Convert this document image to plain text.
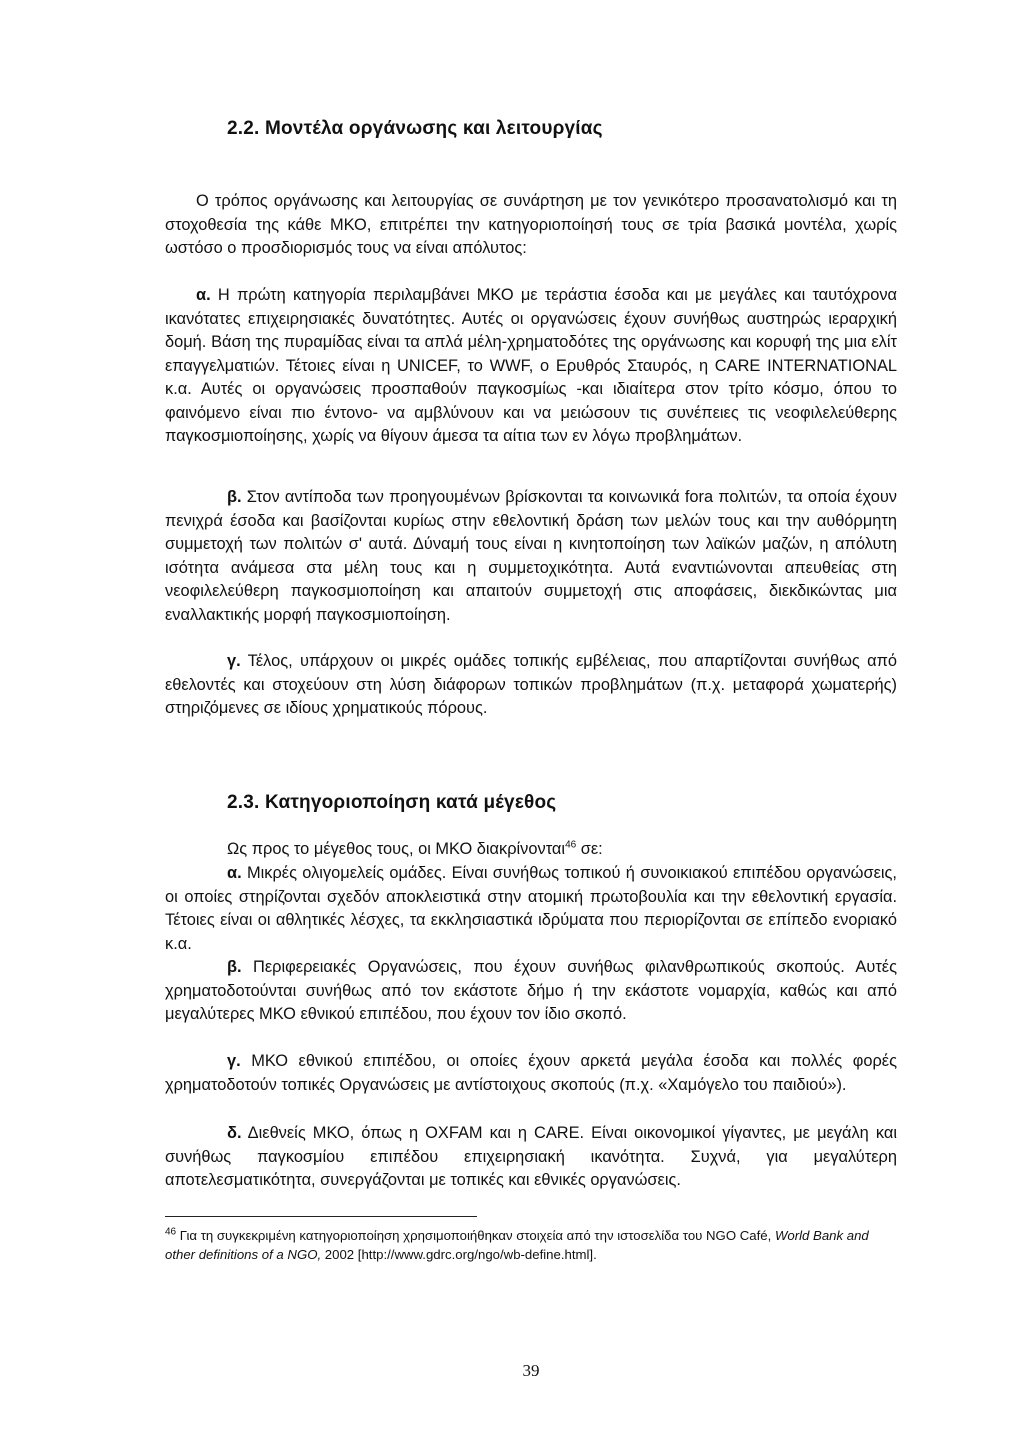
2.2. Μοντέλα οργάνωσης και λειτουργίας

Ο τρόπος οργάνωσης και λειτουργίας σε συνάρτηση με τον γενικότερο προσανατολισμό και τη στοχοθεσία της κάθε ΜΚΟ, επιτρέπει την κατηγοριοποίησή τους σε τρία βασικά μοντέλα, χωρίς ωστόσο ο προσδιορισμός τους να είναι απόλυτος:

α. Η πρώτη κατηγορία περιλαμβάνει ΜΚΟ με τεράστια έσοδα και με μεγάλες και ταυτόχρονα ικανότατες επιχειρησιακές δυνατότητες. Αυτές οι οργανώσεις έχουν συνήθως αυστηρώς ιεραρχική δομή. Βάση της πυραμίδας είναι τα απλά μέλη-χρηματοδότες της οργάνωσης και κορυφή της μια ελίτ επαγγελματιών. Τέτοιες είναι η UNICEF, το WWF, ο Ερυθρός Σταυρός, η CARE INTERNATIONAL κ.α. Αυτές οι οργανώσεις προσπαθούν παγκοσμίως -και ιδιαίτερα στον τρίτο κόσμο, όπου το φαινόμενο είναι πιο έντονο- να αμβλύνουν και να μειώσουν τις συνέπειες τις νεοφιλελεύθερης παγκοσμιοποίησης, χωρίς να θίγουν άμεσα τα αίτια των εν λόγω προβλημάτων.

β. Στον αντίποδα των προηγουμένων βρίσκονται τα κοινωνικά fora πολιτών, τα οποία έχουν πενιχρά έσοδα και βασίζονται κυρίως στην εθελοντική δράση των μελών τους και την αυθόρμητη συμμετοχή των πολιτών σ' αυτά. Δύναμή τους είναι η κινητοποίηση των λαϊκών μαζών, η απόλυτη ισότητα ανάμεσα στα μέλη τους και η συμμετοχικότητα. Αυτά εναντιώνονται απευθείας στη νεοφιλελεύθερη παγκοσμιοποίηση και απαιτούν συμμετοχή στις αποφάσεις, διεκδικώντας μια εναλλακτικής μορφή παγκοσμιοποίηση.

γ. Τέλος, υπάρχουν οι μικρές ομάδες τοπικής εμβέλειας, που απαρτίζονται συνήθως από εθελοντές και στοχεύουν στη λύση διάφορων τοπικών προβλημάτων (π.χ. μεταφορά χωματερής) στηριζόμενες σε ιδίους χρηματικούς πόρους.

2.3. Κατηγοριοποίηση κατά μέγεθος

Ως προς το μέγεθος τους, οι ΜΚΟ διακρίνονται$^{46}$ σε:

α. Μικρές ολιγομελείς ομάδες. Είναι συνήθως τοπικού ή συνοικιακού επιπέδου οργανώσεις, οι οποίες στηρίζονται σχεδόν αποκλειστικά στην ατομική πρωτοβουλία και την εθελοντική εργασία. Τέτοιες είναι οι αθλητικές λέσχες, τα εκκλησιαστικά ιδρύματα που περιορίζονται σε επίπεδο ενοριακό κ.α.

β. Περιφερειακές Οργανώσεις, που έχουν συνήθως φιλανθρωπικούς σκοπούς. Αυτές χρηματοδοτούνται συνήθως από τον εκάστοτε δήμο ή την εκάστοτε νομαρχία, καθώς και από μεγαλύτερες ΜΚΟ εθνικού επιπέδου, που έχουν τον ίδιο σκοπό.

γ. ΜΚΟ εθνικού επιπέδου, οι οποίες έχουν αρκετά μεγάλα έσοδα και πολλές φορές χρηματοδοτούν τοπικές Οργανώσεις με αντίστοιχους σκοπούς (π.χ. «Χαμόγελο του παιδιού»).

δ. Διεθνείς ΜΚΟ, όπως η OXFAM και η CARE. Είναι οικονομικοί γίγαντες, με μεγάλη και συνήθως παγκοσμίου επιπέδου επιχειρησιακή ικανότητα. Συχνά, για μεγαλύτερη αποτελεσματικότητα, συνεργάζονται με τοπικές και εθνικές οργανώσεις.

$^{46}$ Για τη συγκεκριμένη κατηγοριοποίηση χρησιμοποιήθηκαν στοιχεία από την ιστοσελίδα του NGO Café, World Bank and other definitions of a NGO, 2002 [http://www.gdrc.org/ngo/wb-define.html].

39
